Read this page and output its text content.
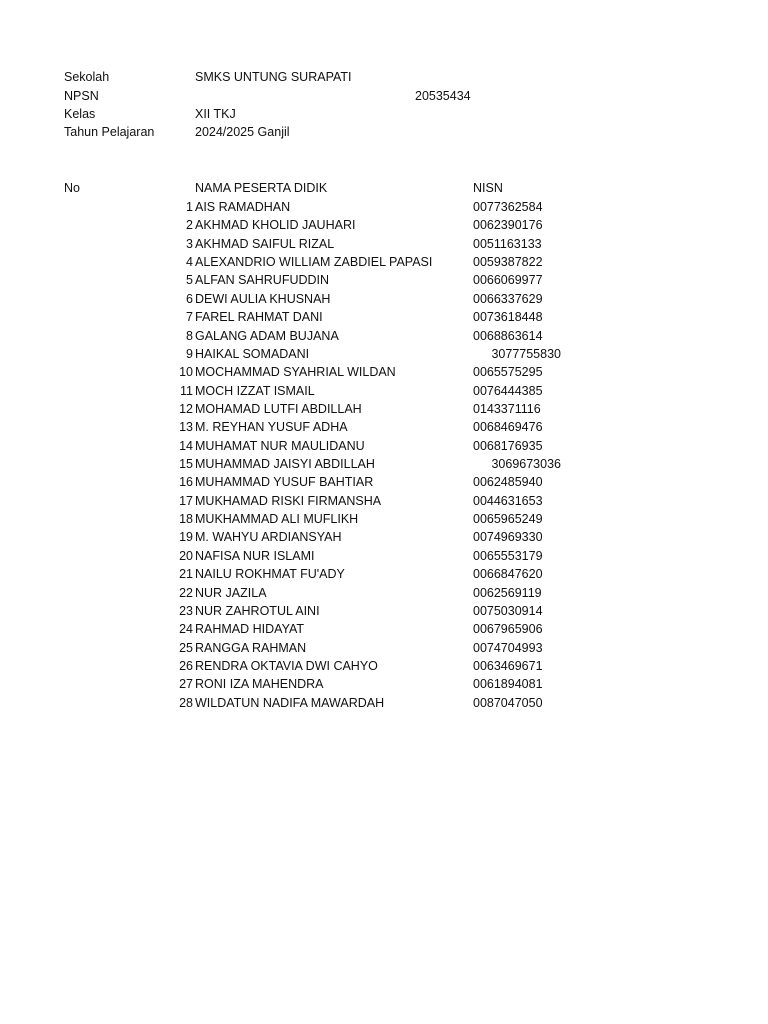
Sekolah	SMKS UNTUNG SURAPATI
NPSN	20535434
Kelas	XII TKJ
Tahun Pelajaran	2024/2025 Ganjil
No	NAMA PESERTA DIDIK	NISN
1 AIS RAMADHAN	0077362584
2 AKHMAD KHOLID JAUHARI	0062390176
3 AKHMAD SAIFUL RIZAL	0051163133
4 ALEXANDRIO WILLIAM ZABDIEL PAPASI	0059387822
5 ALFAN SAHRUFUDDIN	0066069977
6 DEWI AULIA KHUSNAH	0066337629
7 FAREL RAHMAT DANI	0073618448
8 GALANG ADAM BUJANA	0068863614
9 HAIKAL SOMADANI	3077755830
10 MOCHAMMAD SYAHRIAL WILDAN	0065575295
11 MOCH IZZAT ISMAIL	0076444385
12 MOHAMAD LUTFI ABDILLAH	0143371116
13 M. REYHAN YUSUF ADHA	0068469476
14 MUHAMAT NUR MAULIDANU	0068176935
15 MUHAMMAD JAISYI ABDILLAH	3069673036
16 MUHAMMAD YUSUF BAHTIAR	0062485940
17 MUKHAMAD RISKI FIRMANSHA	0044631653
18 MUKHAMMAD ALI MUFLIKH	0065965249
19 M. WAHYU ARDIANSYAH	0074969330
20 NAFISA NUR ISLAMI	0065553179
21 NAILU ROKHMAT FU'ADY	0066847620
22 NUR JAZILA	0062569119
23 NUR ZAHROTUL AINI	0075030914
24 RAHMAD HIDAYAT	0067965906
25 RANGGA RAHMAN	0074704993
26 RENDRA OKTAVIA DWI CAHYO	0063469671
27 RONI IZA MAHENDRA	0061894081
28 WILDATUN NADIFA MAWARDAH	0087047050
